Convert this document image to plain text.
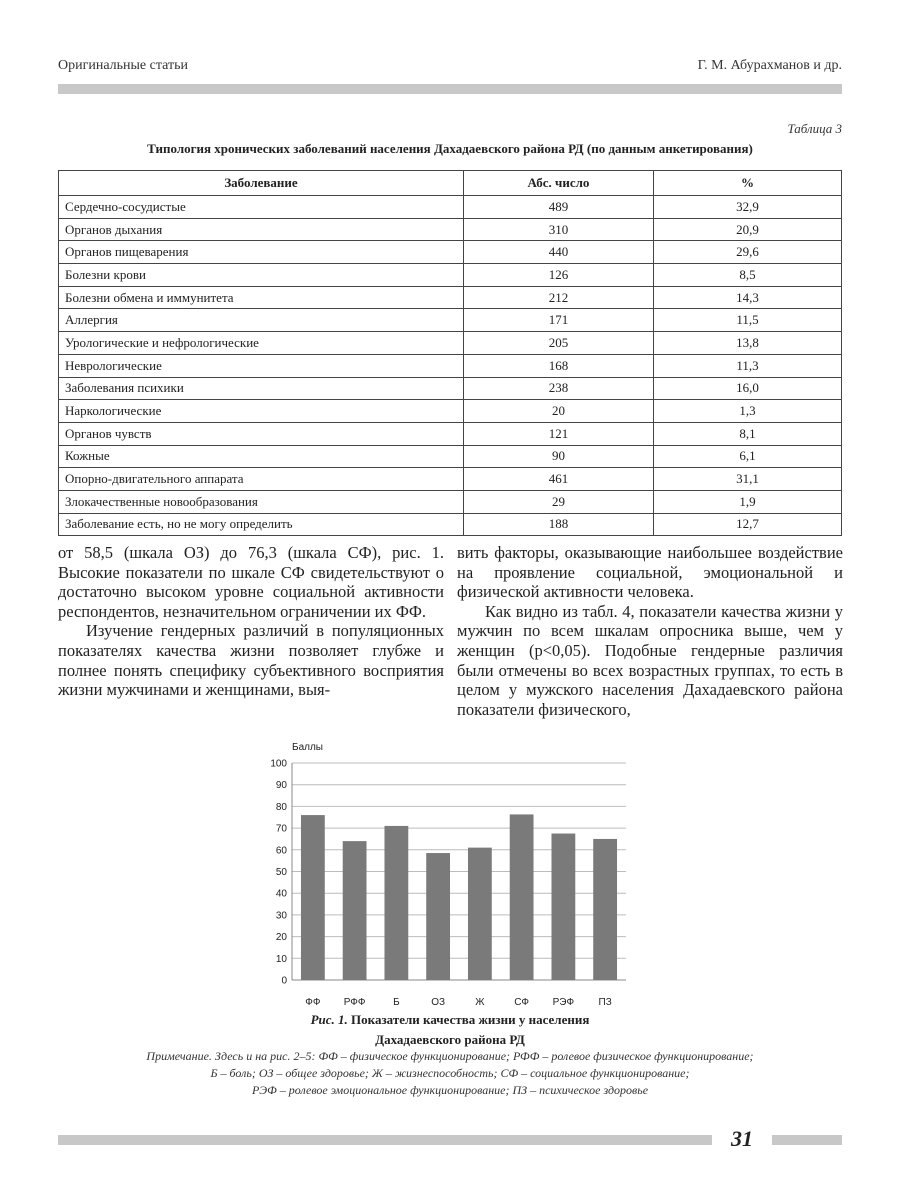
Оригинальные статьи	Г. М. Абурахманов и др.
Таблица 3
Типология хронических заболеваний населения Дахадаевского района РД (по данным анкетирования)
Заболевание	Абс. число	%
Сердечно-сосудистые	489	32,9
Органов дыхания	310	20,9
Органов пищеварения	440	29,6
Болезни крови	126	8,5
Болезни обмена и иммунитета	212	14,3
Аллергия	171	11,5
Урологические и нефрологические	205	13,8
Неврологические	168	11,3
Заболевания психики	238	16,0
Наркологические	20	1,3
Органов чувств	121	8,1
Кожные	90	6,1
Опорно-двигательного аппарата	461	31,1
Злокачественные новообразования	29	1,9
Заболевание есть, но не могу определить	188	12,7

от 58,5 (шкала ОЗ) до 76,3 (шкала СФ), рис. 1. Высокие показатели по шкале СФ свидетельствуют о достаточно высоком уровне социальной активности респондентов, незначительном ограничении их ФФ.

Изучение гендерных различий в популяционных показателях качества жизни позволяет глубже и полнее понять специфику субъективного восприятия жизни мужчинами и женщинами, выя-

вить факторы, оказывающие наибольшее воздействие на проявление социальной, эмоциональной и физической активности человека.

Как видно из табл. 4, показатели качества жизни у мужчин по всем шкалам опросника выше, чем у женщин (p<0,05). Подобные гендерные различия были отмечены во всех возрастных группах, то есть в целом у мужского населения Дахадаевского района показатели физического,

0
10
20
30
40
50
60
70
80
90
100
Баллы
ФФ РФФ	Б	ОЗ	Ж	СФ РЭФ ПЗ
Рис. 1. Показатели качества жизни у населения
Дахадаевского района РД
Примечание. Здесь и на рис. 2–5: ФФ – физическое функционирование; РФФ – ролевое физическое функционирование;
Б – боль; ОЗ – общее здоровье; Ж – жизнеспособность; СФ – социальное функционирование;
РЭФ – ролевое эмоциональное функционирование; ПЗ – психическое здоровье
31
